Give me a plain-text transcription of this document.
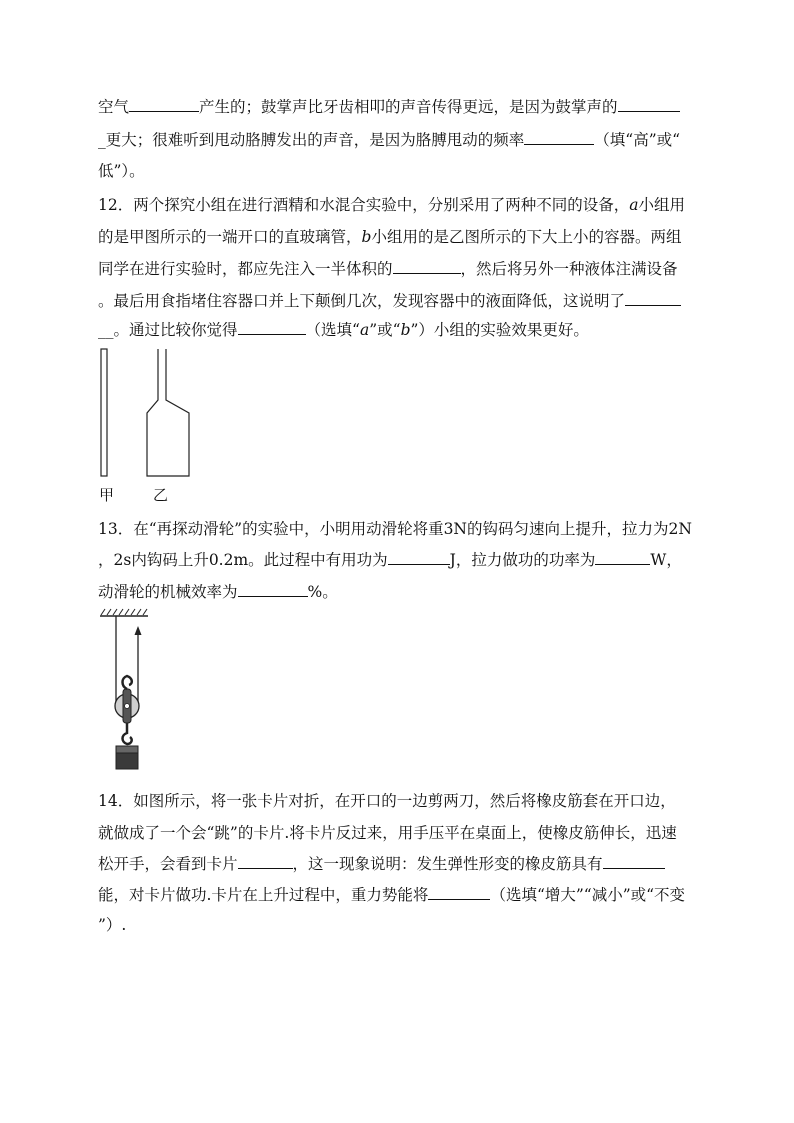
空气	产生的；鼓掌声比牙齿相叩的声音传得更远，是因为鼓掌声的
_更大；很难听到甩动胳膊发出的声音，是因为胳膊甩动的频率	（填“高”或“
低”）。
12．两个探究小组在进行酒精和水混合实验中，分别采用了两种不同的设备，a小组用
的是甲图所示的一端开口的直玻璃管，b小组用的是乙图所示的下大上小的容器。两组
同学在进行实验时，都应先注入一半体积的	，然后将另外一种液体注满设备
。最后用食指堵住容器口并上下颠倒几次，发现容器中的液面降低，这说明了
__。通过比较你觉得	（选填“a”或“b”）小组的实验效果更好。
甲	乙
13．在“再探动滑轮”的实验中，小明用动滑轮将重3N的钩码匀速向上提升，拉力为2N
，2s内钩码上升0.2m。此过程中有用功为	J，拉力做功的功率为	W，
动滑轮的机械效率为	%。
14．如图所示，将一张卡片对折，在开口的一边剪两刀，然后将橡皮筋套在开口边，
就做成了一个会“跳”的卡片.将卡片反过来，用手压平在桌面上，使橡皮筋伸长，迅速
松开手，会看到卡片	，这一现象说明：发生弹性形变的橡皮筋具有
能，对卡片做功.卡片在上升过程中，重力势能将	（选填“增大”“减小”或“不变
”）.
